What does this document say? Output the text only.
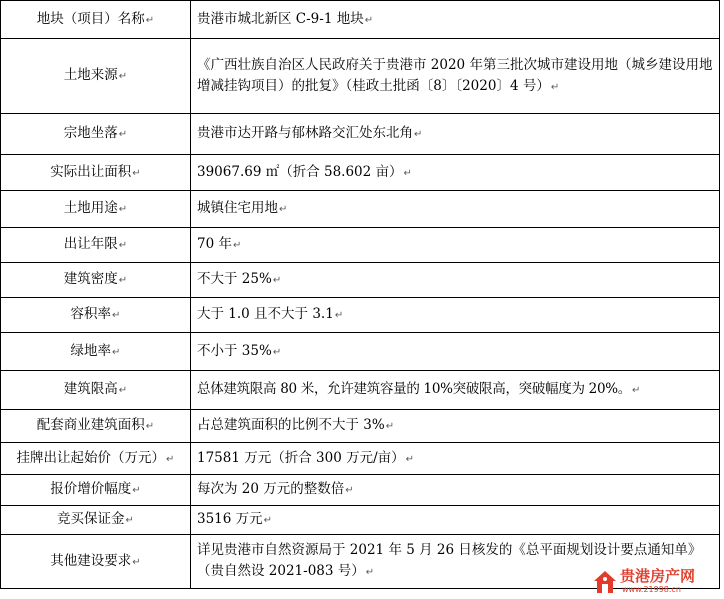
地块（项目）名称↵	贵港市城北新区 C-9-1 地块↵
土地来源↵	《广西壮族自治区人民政府关于贵港市 2020 年第三批次城市建设用地（城乡建设用地增减挂钩项目）的批复》（桂政土批函〔8〕〔2020〕4 号）↵
宗地坐落↵	贵港市达开路与郁林路交汇处东北角↵
实际出让面积↵	39067.69 ㎡（折合 58.602 亩）↵
土地用途↵	城镇住宅用地↵
出让年限↵	70 年↵
建筑密度↵	不大于 25%↵
容积率↵	大于 1.0 且不大于 3.1↵
绿地率↵	不小于 35%↵
建筑限高↵	总体建筑限高 80 米，允许建筑容量的 10%突破限高，突破幅度为 20%。↵
配套商业建筑面积↵	占总建筑面积的比例不大于 3%↵
挂牌出让起始价（万元）↵	17581 万元（折合 300 万元/亩）↵
报价增价幅度↵	每次为 20 万元的整数倍↵
竞买保证金↵	3516 万元↵
其他建设要求↵	详见贵港市自然资源局于 2021 年 5 月 26 日核发的《总平面规划设计要点通知单》（贵自然设 2021-083 号）↵	贵港房产网
www.21998.cn
